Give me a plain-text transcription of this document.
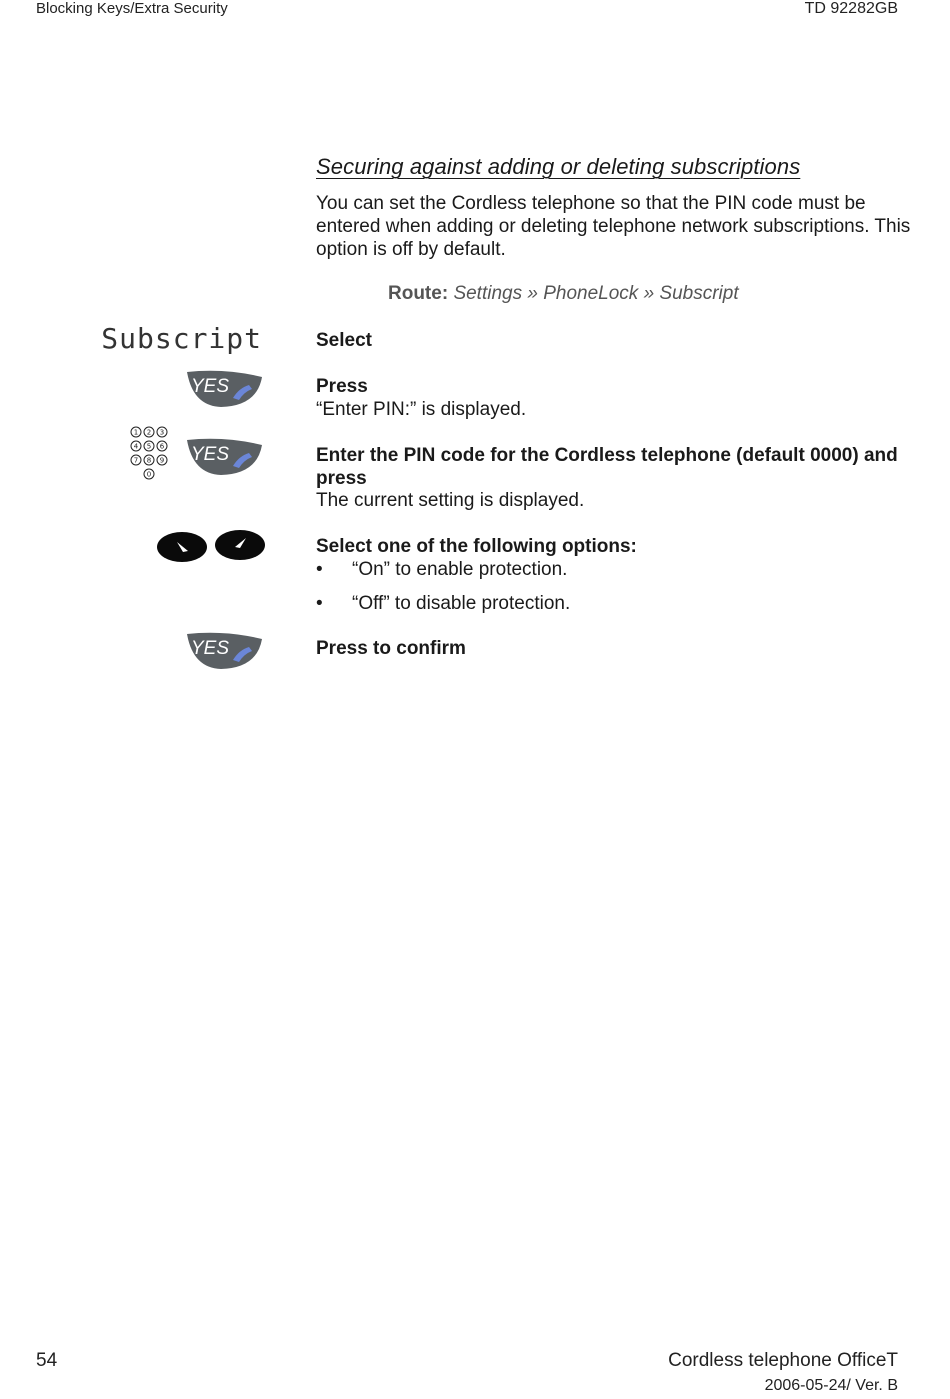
Blocking Keys/Extra Security	TD 92282GB
Securing against adding or deleting subscriptions
You can set the Cordless telephone so that the PIN code must be entered when adding or deleting telephone network subscriptions. This option is off by default.
Route: Settings » PhoneLock » Subscript
Subscript	Select
YES	Press
“Enter PIN:” is displayed.
1 2 3
4 5 6
7 8 9
0
YES	Enter the PIN code for the Cordless telephone (default 0000) and press
The current setting is displayed.
Select one of the following options:
• “On” to enable protection.
• “Off” to disable protection.
YES	Press to confirm
54	Cordless telephone OfficeT
2006-05-24/ Ver. B
